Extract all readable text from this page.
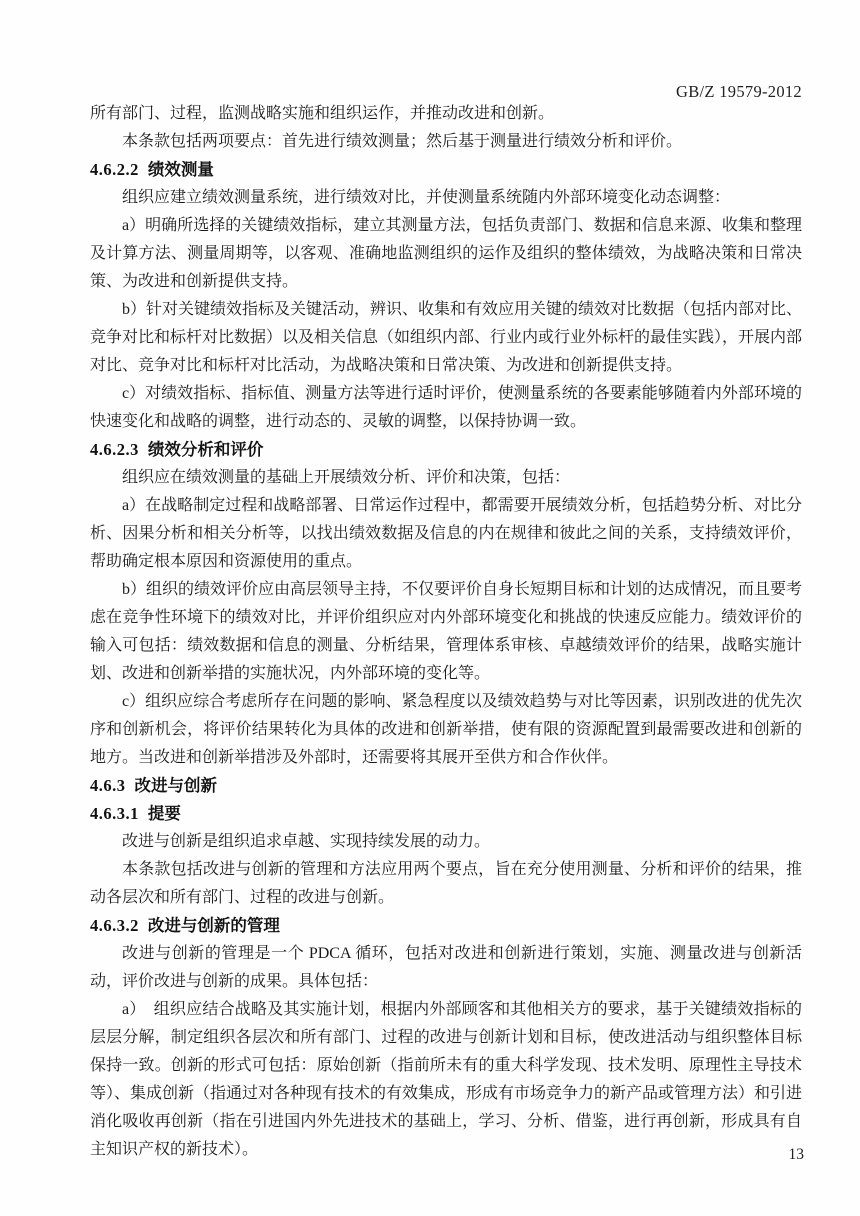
GB/Z 19579-2012

所有部门、过程，监测战略实施和组织运作，并推动改进和创新。

本条款包括两项要点：首先进行绩效测量；然后基于测量进行绩效分析和评价。

4.6.2.2 绩效测量

组织应建立绩效测量系统，进行绩效对比，并使测量系统随内外部环境变化动态调整：

a）明确所选择的关键绩效指标，建立其测量方法，包括负责部门、数据和信息来源、收集和整理及计算方法、测量周期等，以客观、准确地监测组织的运作及组织的整体绩效，为战略决策和日常决策、为改进和创新提供支持。

b）针对关键绩效指标及关键活动，辨识、收集和有效应用关键的绩效对比数据（包括内部对比、竞争对比和标杆对比数据）以及相关信息（如组织内部、行业内或行业外标杆的最佳实践），开展内部对比、竞争对比和标杆对比活动，为战略决策和日常决策、为改进和创新提供支持。

c）对绩效指标、指标值、测量方法等进行适时评价，使测量系统的各要素能够随着内外部环境的快速变化和战略的调整，进行动态的、灵敏的调整，以保持协调一致。

4.6.2.3 绩效分析和评价

组织应在绩效测量的基础上开展绩效分析、评价和决策，包括：

a）在战略制定过程和战略部署、日常运作过程中，都需要开展绩效分析，包括趋势分析、对比分析、因果分析和相关分析等，以找出绩效数据及信息的内在规律和彼此之间的关系，支持绩效评价，帮助确定根本原因和资源使用的重点。

b）组织的绩效评价应由高层领导主持，不仅要评价自身长短期目标和计划的达成情况，而且要考虑在竞争性环境下的绩效对比，并评价组织应对内外部环境变化和挑战的快速反应能力。绩效评价的输入可包括：绩效数据和信息的测量、分析结果，管理体系审核、卓越绩效评价的结果，战略实施计划、改进和创新举措的实施状况，内外部环境的变化等。

c）组织应综合考虑所存在问题的影响、紧急程度以及绩效趋势与对比等因素，识别改进的优先次序和创新机会，将评价结果转化为具体的改进和创新举措，使有限的资源配置到最需要改进和创新的地方。当改进和创新举措涉及外部时，还需要将其展开至供方和合作伙伴。

4.6.3 改进与创新
4.6.3.1 提要

改进与创新是组织追求卓越、实现持续发展的动力。

本条款包括改进与创新的管理和方法应用两个要点，旨在充分使用测量、分析和评价的结果，推动各层次和所有部门、过程的改进与创新。

4.6.3.2 改进与创新的管理

改进与创新的管理是一个 PDCA 循环，包括对改进和创新进行策划，实施、测量改进与创新活动，评价改进与创新的成果。具体包括：

a）　组织应结合战略及其实施计划，根据内外部顾客和其他相关方的要求，基于关键绩效指标的层层分解，制定组织各层次和所有部门、过程的改进与创新计划和目标，使改进活动与组织整体目标保持一致。创新的形式可包括：原始创新（指前所未有的重大科学发现、技术发明、原理性主导技术等）、集成创新（指通过对各种现有技术的有效集成，形成有市场竞争力的新产品或管理方法）和引进消化吸收再创新（指在引进国内外先进技术的基础上，学习、分析、借鉴，进行再创新，形成具有自主知识产权的新技术）。	13
